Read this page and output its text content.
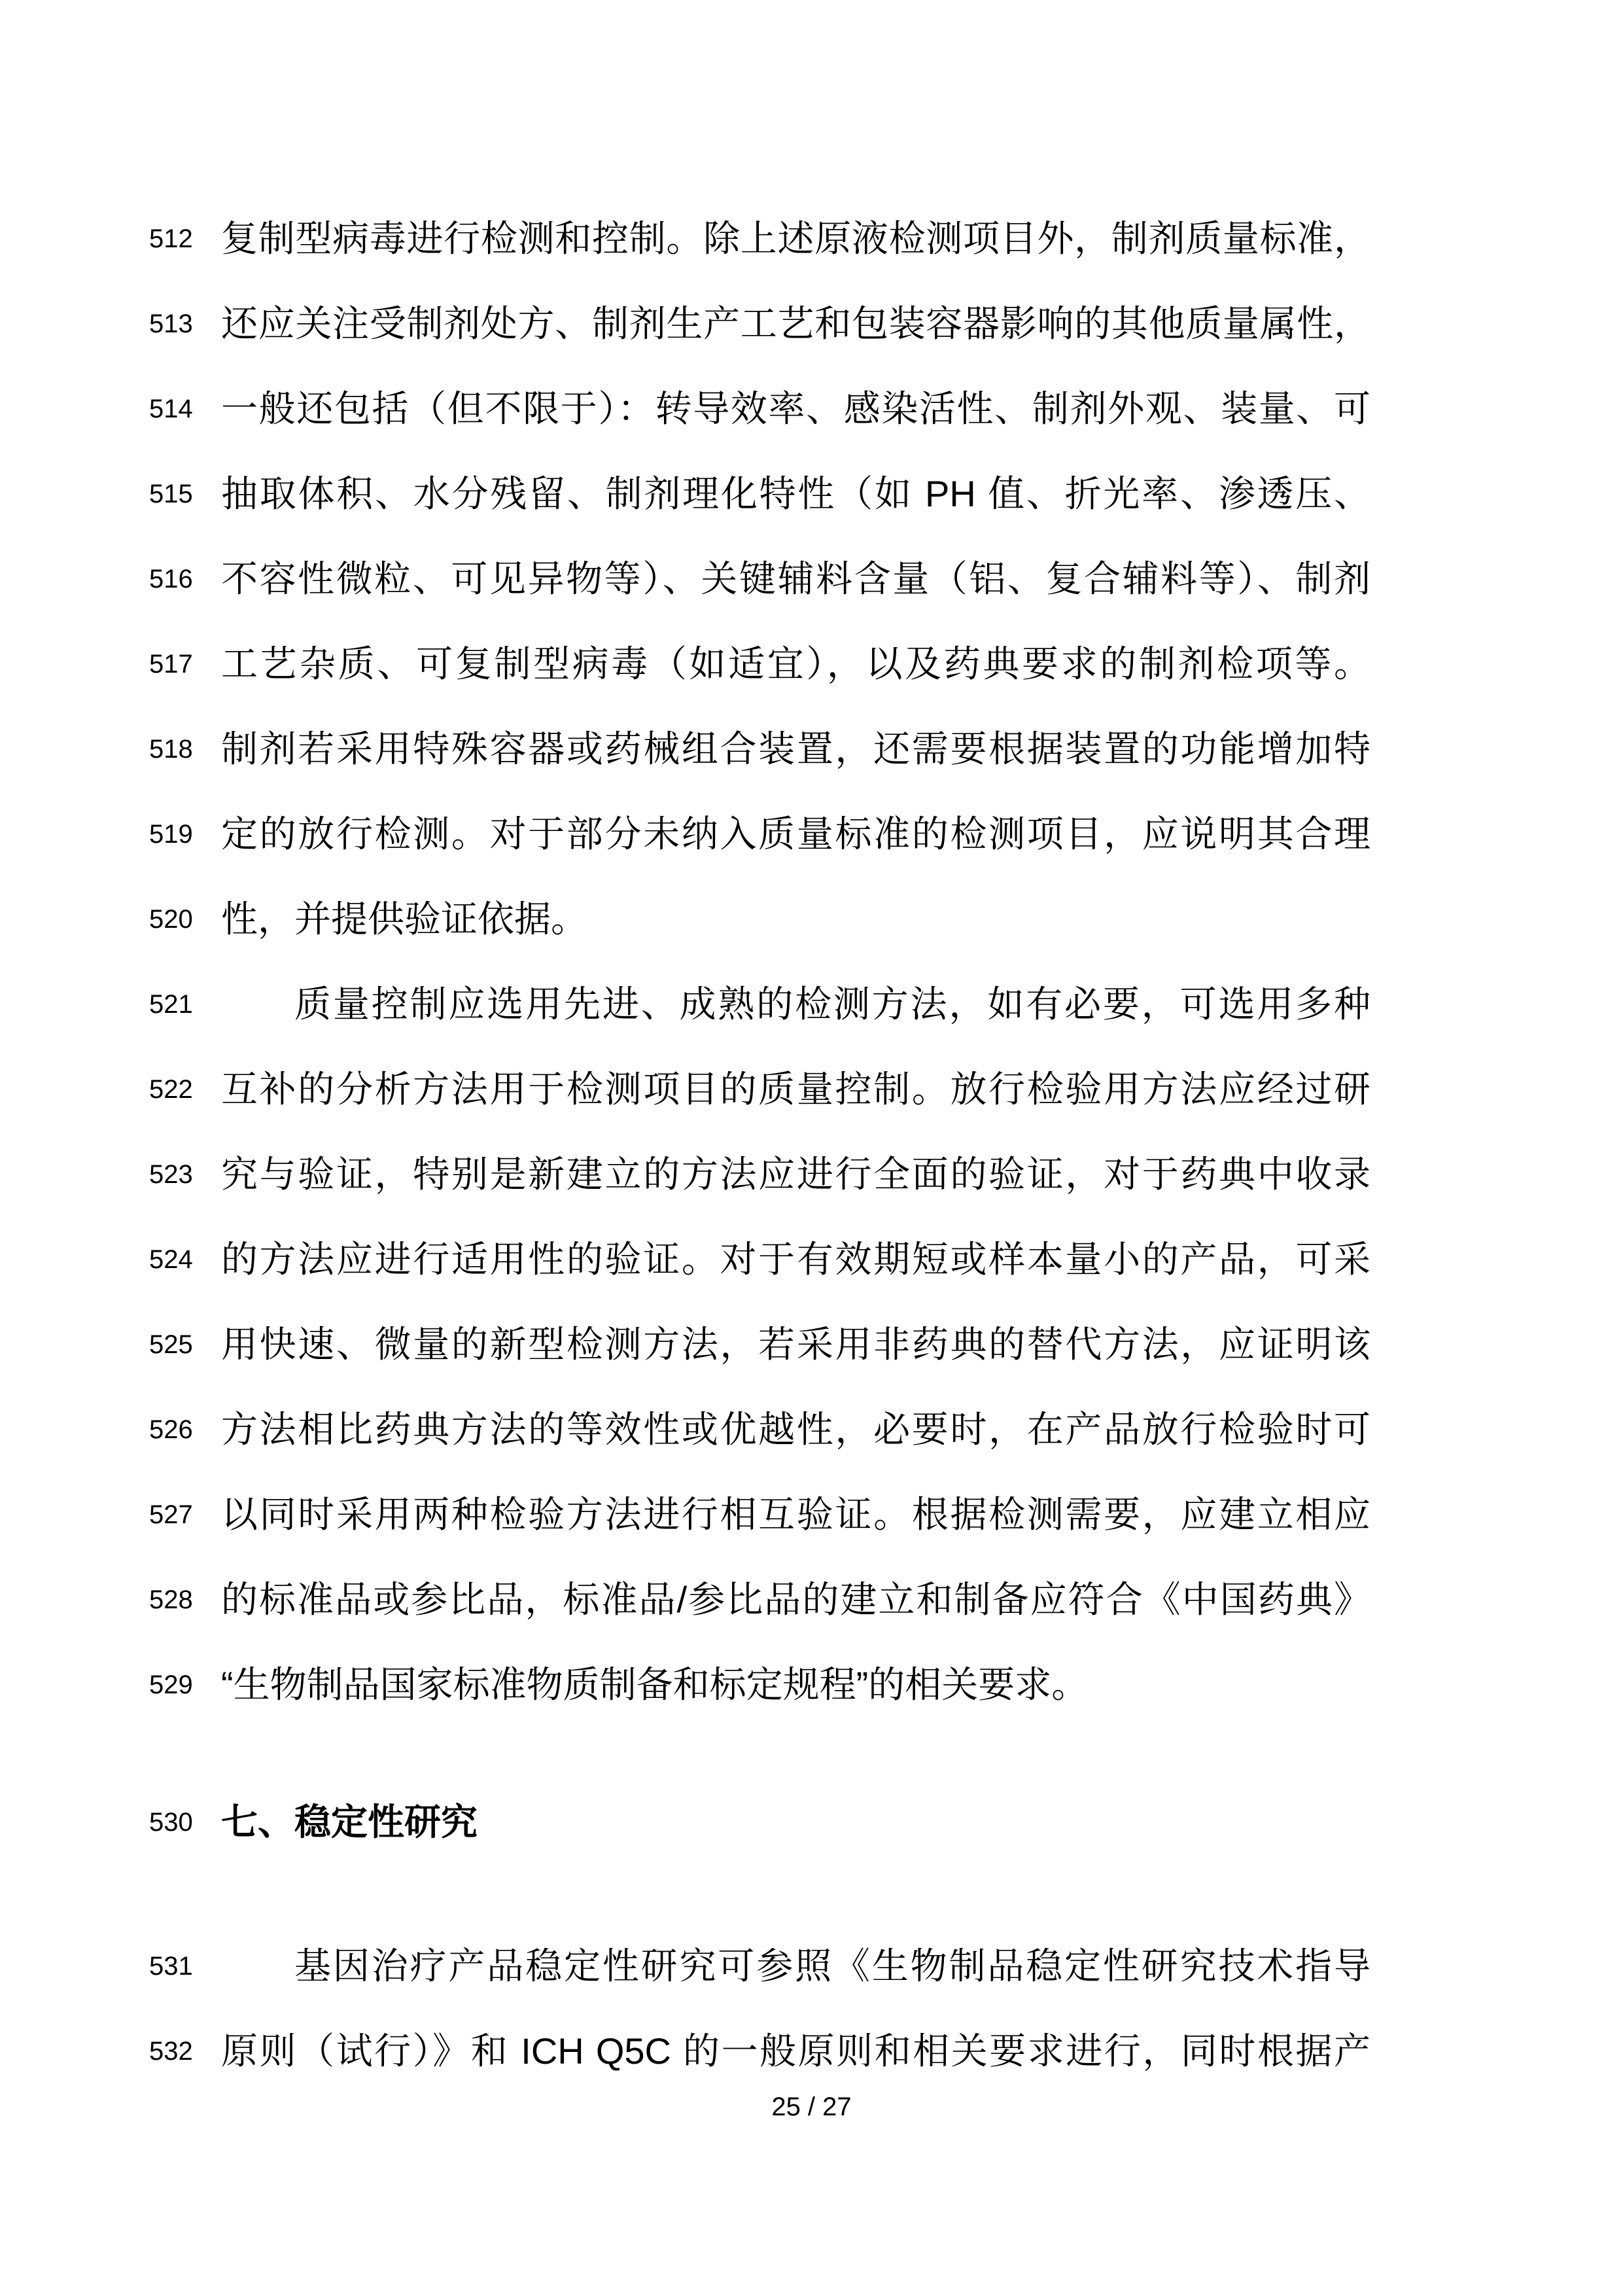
512 复制型病毒进行检测和控制。除上述原液检测项目外，制剂质量标准，
513 还应关注受制剂处方、制剂生产工艺和包装容器影响的其他质量属性，
514 一般还包括（但不限于）：转导效率、感染活性、制剂外观、装量、可
515 抽取体积、水分残留、制剂理化特性（如 PH 值、折光率、渗透压、
516 不容性微粒、可见异物等）、关键辅料含量（铝、复合辅料等）、制剂
517 工艺杂质、可复制型病毒（如适宜），以及药典要求的制剂检项等。
518 制剂若采用特殊容器或药械组合装置，还需要根据装置的功能增加特
519 定的放行检测。对于部分未纳入质量标准的检测项目，应说明其合理
520 性，并提供验证依据。
521	质量控制应选用先进、成熟的检测方法，如有必要，可选用多种
522 互补的分析方法用于检测项目的质量控制。放行检验用方法应经过研
523 究与验证，特别是新建立的方法应进行全面的验证，对于药典中收录
524 的方法应进行适用性的验证。对于有效期短或样本量小的产品，可采
525 用快速、微量的新型检测方法，若采用非药典的替代方法，应证明该
526 方法相比药典方法的等效性或优越性，必要时，在产品放行检验时可
527 以同时采用两种检验方法进行相互验证。根据检测需要，应建立相应
528 的标准品或参比品，标准品/参比品的建立和制备应符合《中国药典》
529 “生物制品国家标准物质制备和标定规程”的相关要求。
530 七、稳定性研究
531	基因治疗产品稳定性研究可参照《生物制品稳定性研究技术指导
532 原则（试行）》和 ICH Q5C 的一般原则和相关要求进行，同时根据产
25 / 27
